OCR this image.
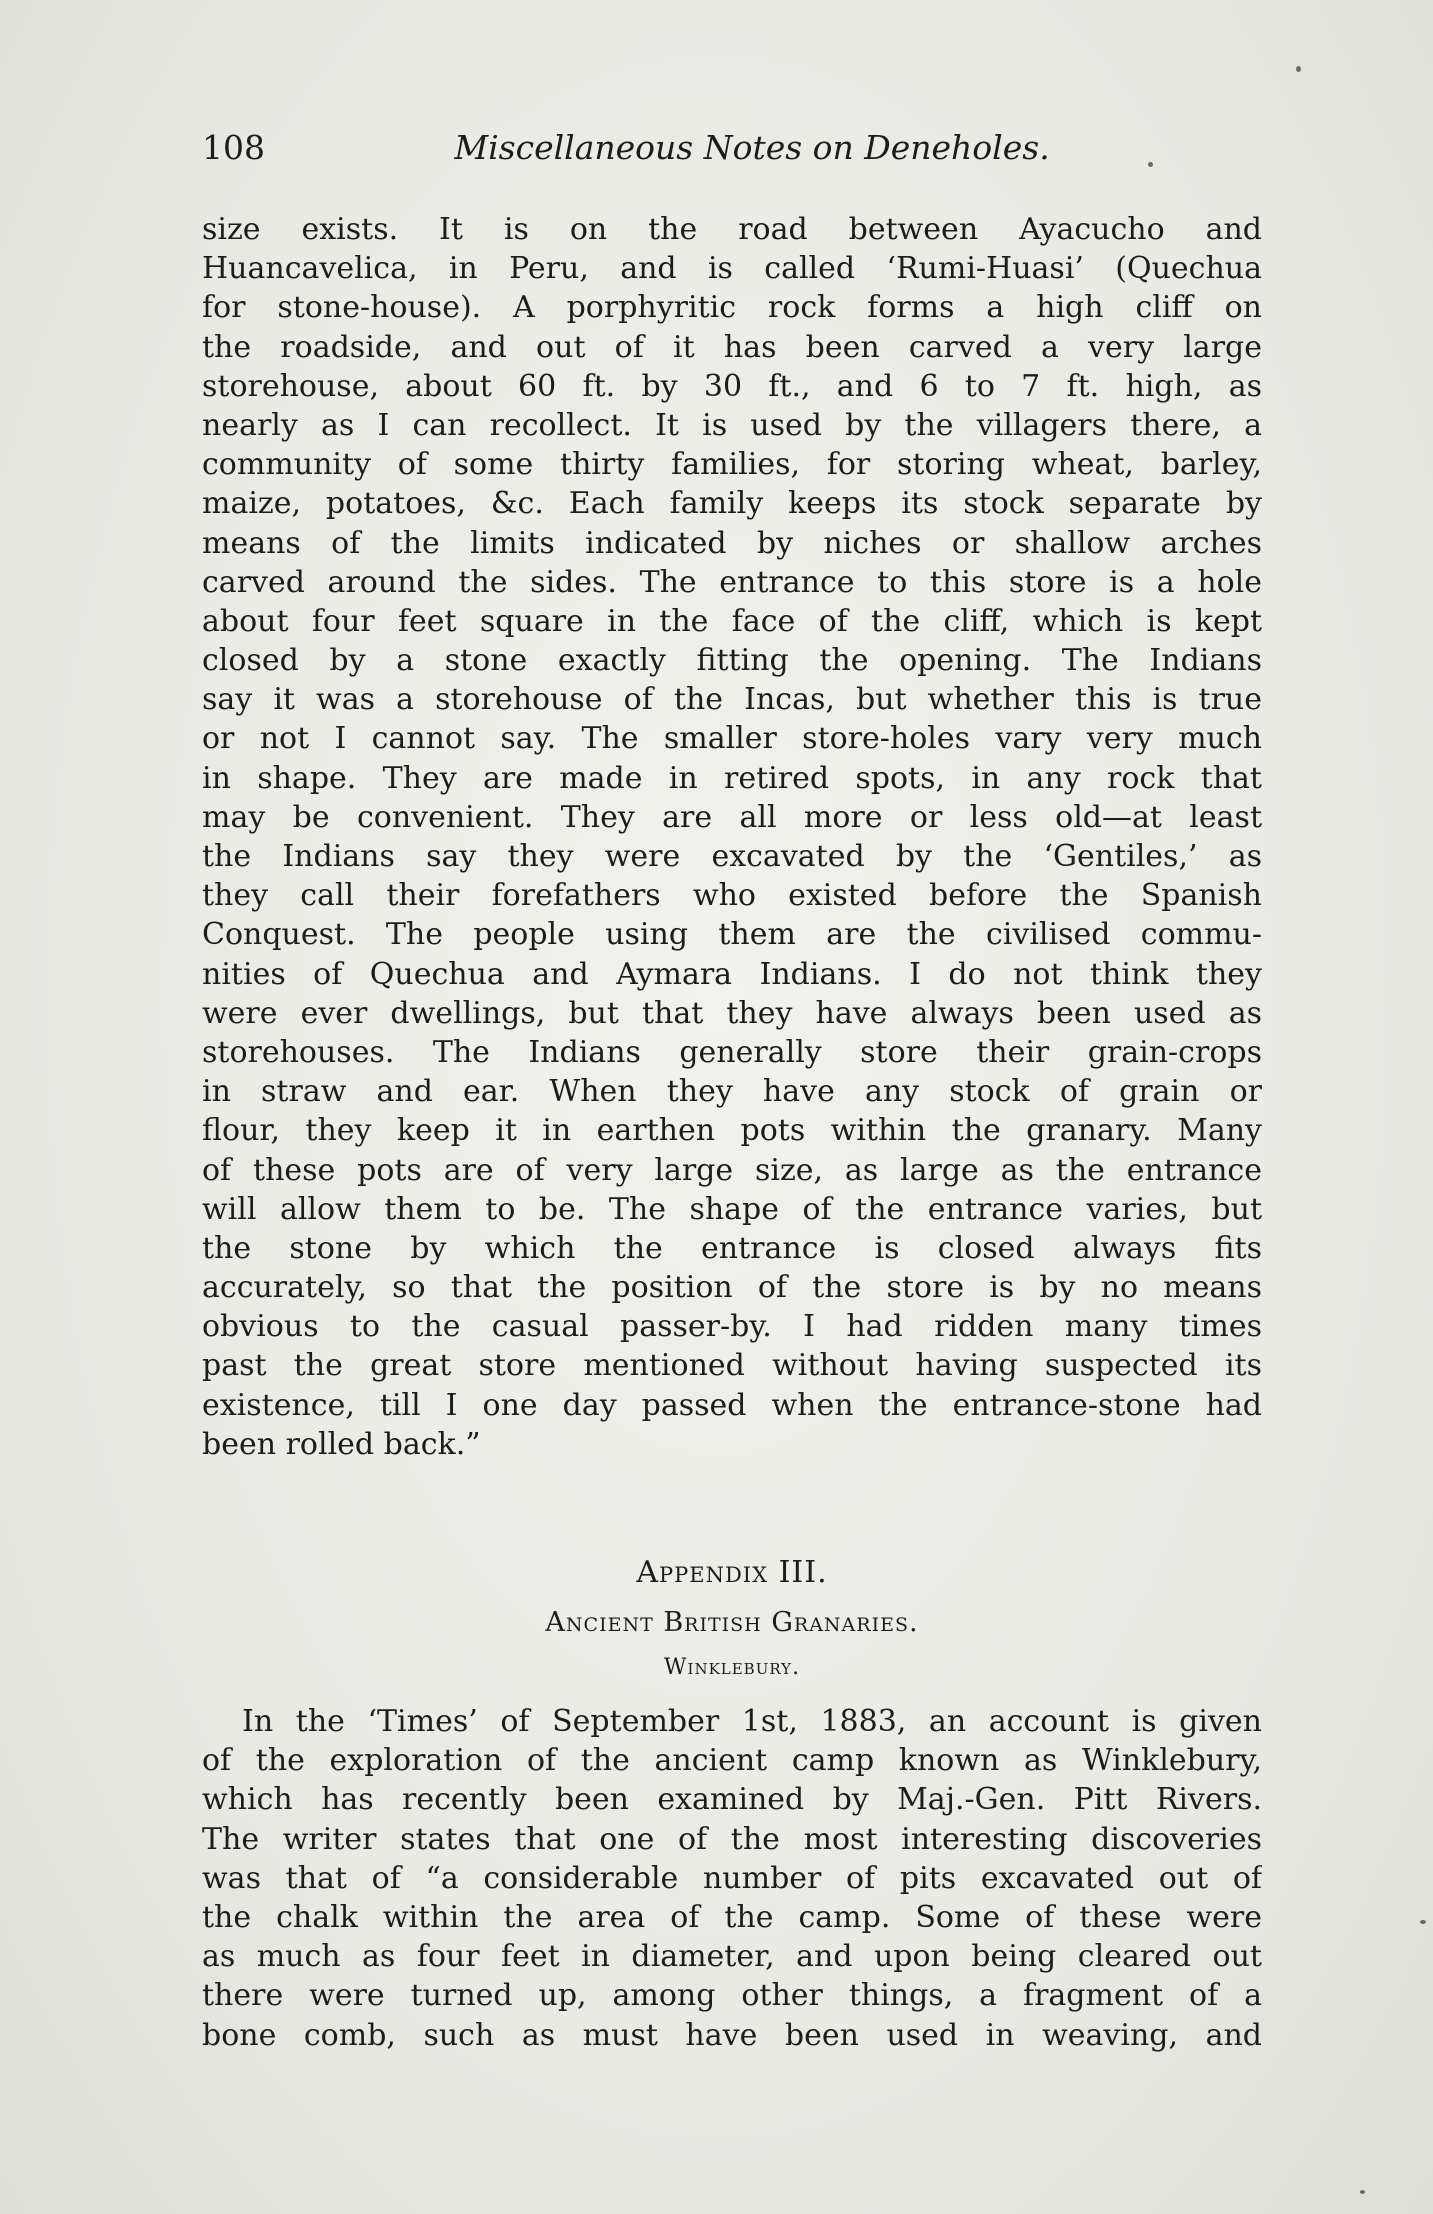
108	Miscellaneous Notes on Deneholes.
size exists. It is on the road between Ayacucho and
Huancavelica, in Peru, and is called ‘Rumi-Huasi’ (Quechua
for stone-house). A porphyritic rock forms a high cliff on
the roadside, and out of it has been carved a very large
storehouse, about 60 ft. by 30 ft., and 6 to 7 ft. high, as
nearly as I can recollect. It is used by the villagers there, a
community of some thirty families, for storing wheat, barley,
maize, potatoes, &c. Each family keeps its stock separate by
means of the limits indicated by niches or shallow arches
carved around the sides. The entrance to this store is a hole
about four feet square in the face of the cliff, which is kept
closed by a stone exactly fitting the opening. The Indians
say it was a storehouse of the Incas, but whether this is true
or not I cannot say. The smaller store-holes vary very much
in shape. They are made in retired spots, in any rock that
may be convenient. They are all more or less old—at least
the Indians say they were excavated by the ‘Gentiles,’ as
they call their forefathers who existed before the Spanish
Conquest. The people using them are the civilised commu-
nities of Quechua and Aymara Indians. I do not think they
were ever dwellings, but that they have always been used as
storehouses. The Indians generally store their grain-crops
in straw and ear. When they have any stock of grain or
flour, they keep it in earthen pots within the granary. Many
of these pots are of very large size, as large as the entrance
will allow them to be. The shape of the entrance varies, but
the stone by which the entrance is closed always fits
accurately, so that the position of the store is by no means
obvious to the casual passer-by. I had ridden many times
past the great store mentioned without having suspected its
existence, till I one day passed when the entrance-stone had
been rolled back.”
Appendix III.
Ancient British Granaries.
Winklebury.
In the ‘Times’ of September 1st, 1883, an account is given
of the exploration of the ancient camp known as Winklebury,
which has recently been examined by Maj.-Gen. Pitt Rivers.
The writer states that one of the most interesting discoveries
was that of “a considerable number of pits excavated out of
the chalk within the area of the camp. Some of these were
as much as four feet in diameter, and upon being cleared out
there were turned up, among other things, a fragment of a
bone comb, such as must have been used in weaving, and
